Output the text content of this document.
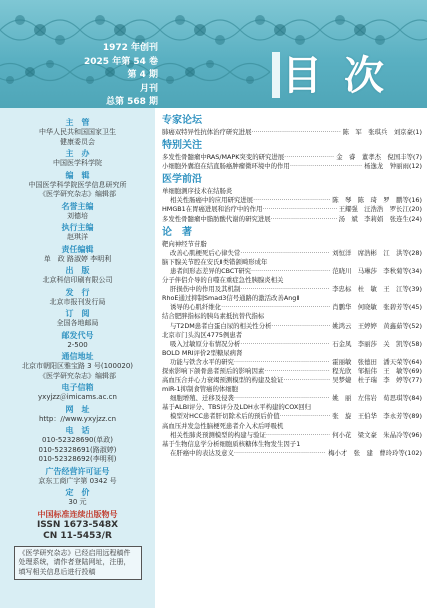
1972 年创刊
2025 年第 54 卷第 4 期
月刊
总第 568 期
目次
主　管
中华人民共和国国家卫生
健康委员会
主　办
中国医学科学院
编　辑
中国医学科学院医学信息研究所
《医学研究杂志》编辑部
名誉主编
刘德培
执行主编
赵琪洋
责任编辑
单　政 路淑婷 李明利
出　版
北京科信印刷有限公司
发　行
北京市报刊发行局
订　阅
全国各地邮局
邮发代号
2-500
通信地址
北京市朝阳区雅宝路 3 号(100020)
《医学研究杂志》编辑部
电子信箱
yxyjzz＠imicams.ac.cn
网　址
http：//www.yxyjzz.cn
电　话
010-52328690(单政)
010-52328691(路淑婷)
010-52328692(李明利)
广告经营许可证号
京东工商广字第 0342 号
定　价
30 元
中国标准连续出版物号
ISSN 1673-548X
CN 11-5453/R
《医学研究杂志》已经启用远程稿件处理系统，请作者登陆网址，注册，填写相关信息后进行投稿
专家论坛
肺癌双特异性抗体治疗研究进展 ·····	陈　军　张琪兵　刘京豪(1)
特别关注
多发性骨髓瘤中RAS/MAPK突变的研究进展 ·····	金　睿　董孝杰　倪国丰等(7)
小细胞外囊泡在结直肠癌肿瘤微环境中的作用 ·····	杨逸龙　钟丽雨(12)
医学前沿
单细胞测序技术在结肠炎
相关性肠癌中的应用研究进展 ·····	陈　琴　陈　琦　罗　鹏等(16)
HMGB1在胃癌进展和治疗中的作用 ·····	王耀强　汪浩浩　罗长江(20)
多发性骨髓瘤中脂肪酸代谢的研究进展 ·····	汤　斌　李莉娟　张连生(24)
论　著
靶向神经节苷脂
改善心肌梗死后心律失常 ·····	刘恒洋　席浩彬　江　洪等(28)
脑下腺关节腔在安氏Ⅱ类错颌畸形成年
患者间形态差异的CBCT研究 ·····	范晓川　马琳莎　李秋菊等(34)
分子伴侣介导的自噬在重症急性胰腺炎相关
肝损伤中的作用及其机制 ·····	李忠标　杜　敏　王　江等(39)
RhoE通过抑制Smad3信号通路的激活改善AngⅡ
诱导的心肌纤维化 ·····	肖鹏华　何晓敏　张碧芳等(45)
结合肥胖指标的胰岛素抵抗替代指标
与T2DM患者白蛋白尿的相关性分析 ·····	姚鸿云　王婷婷　黄鑫茹等(52)
北京市门头沟区4775例患者
吸入过敏原分布情况分析 ·····	石金凤　李丽莎　关　凯等(58)
BOLD MRI评价2型糖尿病肾
功能与铁含水平的研究 ·····	霍丽敏　张德田　潘天荣等(64)
探索影响下颌骨患者预后的影响因素 ·····	程光欣　邹振伟　王　敏等(69)
高血压合并心力衰竭预测模型的构建及验证 ·····	吴梦婕　杜子瑞　李　婷等(77)
miR-1抑制食管癌的体细胞
细胞增殖、迁移及侵袭 ·····	姚　丽　左伟岩　荀思琪等(84)
基于ALBI评分、TBS评分及LDH水平构建的COX回归
模型对HCC患者肝切除术后的预后价值 ·····	张　旋　王伯华　李永芳等(89)
高血压并发急性脑梗死患者介入术后呼吸机
相关性肺炎预测模型的构建与验证 ·····	何小花　梁文豪　朱晶冷等(96)
基于生物信息学分析细胞质核糖体生物发生因子1
在肝癌中的表达及意义 ·····	梅小才　张　建　曹玲玲等(102)
